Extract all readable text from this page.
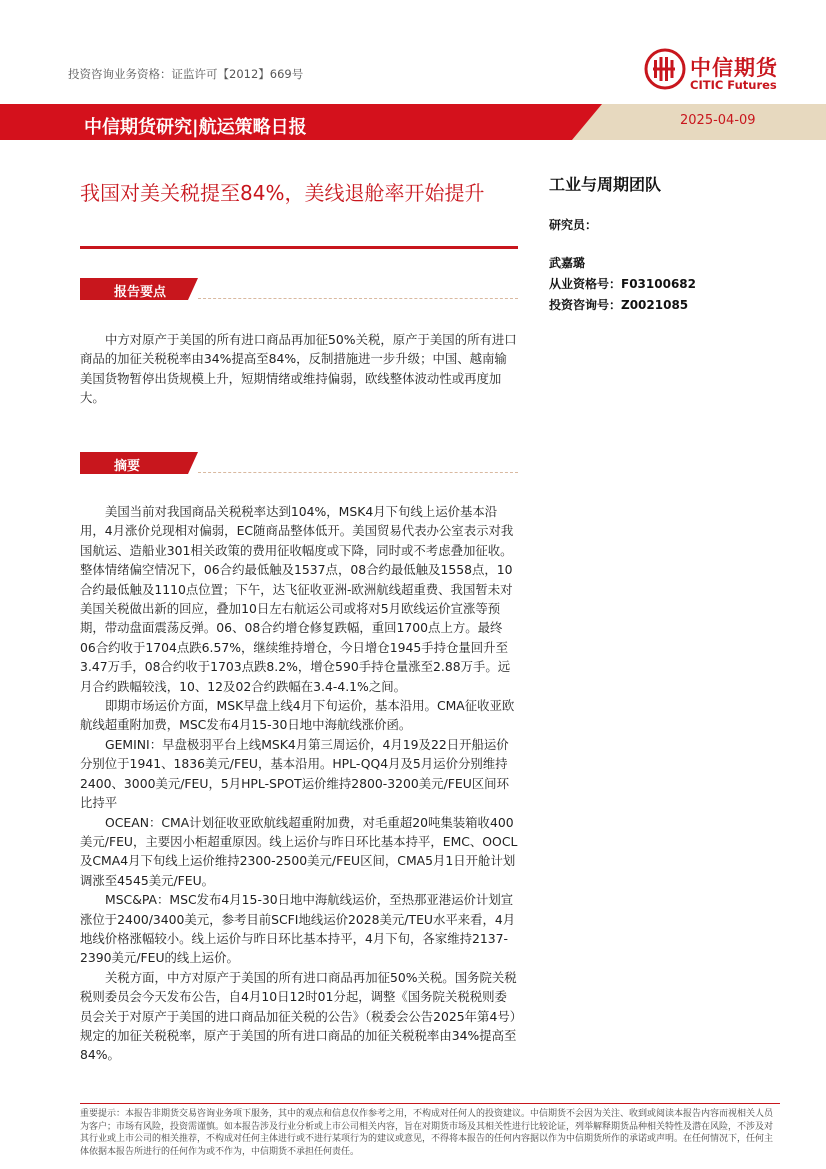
投资咨询业务资格：证监许可【2012】669号	中信期货
CITIC Futures
中信期货研究|航运策略日报	2025-04-09
我国对美关税提至84%，美线退舱率开始提升
报告要点

中方对原产于美国的所有进口商品再加征50%关税，原产于美国的所有进口商品的加征关税税率由34%提高至84%，反制措施进一步升级；中国、越南输美国货物暂停出货规模上升，短期情绪或维持偏弱，欧线整体波动性或再度加大。

摘要

美国当前对我国商品关税税率达到104%，MSK4月下旬线上运价基本沿用，4月涨价兑现相对偏弱，EC随商品整体低开。美国贸易代表办公室表示对我国航运、造船业301相关政策的费用征收幅度或下降，同时或不考虑叠加征收。整体情绪偏空情况下，06合约最低触及1537点，08合约最低触及1558点，10合约最低触及1110点位置；下午，达飞征收亚洲-欧洲航线超重费、我国暂未对美国关税做出新的回应，叠加10日左右航运公司或将对5月欧线运价宣涨等预期，带动盘面震荡反弹。06、08合约增仓修复跌幅，重回1700点上方。最终06合约收于1704点跌6.57%，继续维持增仓，今日增仓1945手持仓量回升至3.47万手，08合约收于1703点跌8.2%，增仓590手持仓量涨至2.88万手。远月合约跌幅较浅，10、12及02合约跌幅在3.4-4.1%之间。

即期市场运价方面，MSK早盘上线4月下旬运价，基本沿用。CMA征收亚欧航线超重附加费，MSC发布4月15-30日地中海航线涨价函。

GEMINI：早盘极羽平台上线MSK4月第三周运价，4月19及22日开船运价分别位于1941、1836美元/FEU，基本沿用。HPL-QQ4月及5月运价分别维持2400、3000美元/FEU，5月HPL-SPOT运价维持2800-3200美元/FEU区间环比持平

OCEAN：CMA计划征收亚欧航线超重附加费，对毛重超20吨集装箱收400美元/FEU，主要因小柜超重原因。线上运价与昨日环比基本持平，EMC、OOCL及CMA4月下旬线上运价维持2300-2500美元/FEU区间，CMA5月1日开舱计划调涨至4545美元/FEU。

MSC&PA：MSC发布4月15-30日地中海航线运价，至热那亚港运价计划宣涨位于2400/3400美元，参考目前SCFI地线运价2028美元/TEU水平来看，4月地线价格涨幅较小。线上运价与昨日环比基本持平，4月下旬，各家维持2137-2390美元/FEU的线上运价。

关税方面，中方对原产于美国的所有进口商品再加征50%关税。国务院关税税则委员会今天发布公告，自4月10日12时01分起，调整《国务院关税税则委员会关于对原产于美国的进口商品加征关税的公告》（税委会公告2025年第4号）规定的加征关税税率，原产于美国的所有进口商品的加征关税税率由34%提高至84%。

工业与周期团队
研究员：
武嘉璐
从业资格号：F03100682
投资咨询号：Z0021085
重要提示：本报告非期货交易咨询业务项下服务，其中的观点和信息仅作参考之用，不构成对任何人的投资建议。中信期货不会因为关注、收到或阅读本报告内容而视相关人员为客户；市场有风险，投资需谨慎。如本报告涉及行业分析或上市公司相关内容，旨在对期货市场及其相关性进行比较论证，列举解释期货品种相关特性及潜在风险，不涉及对其行业或上市公司的相关推荐，不构成对任何主体进行或不进行某项行为的建议或意见，不得将本报告的任何内容据以作为中信期货所作的承诺或声明。在任何情况下，任何主体依据本报告所进行的任何作为或不作为，中信期货不承担任何责任。
